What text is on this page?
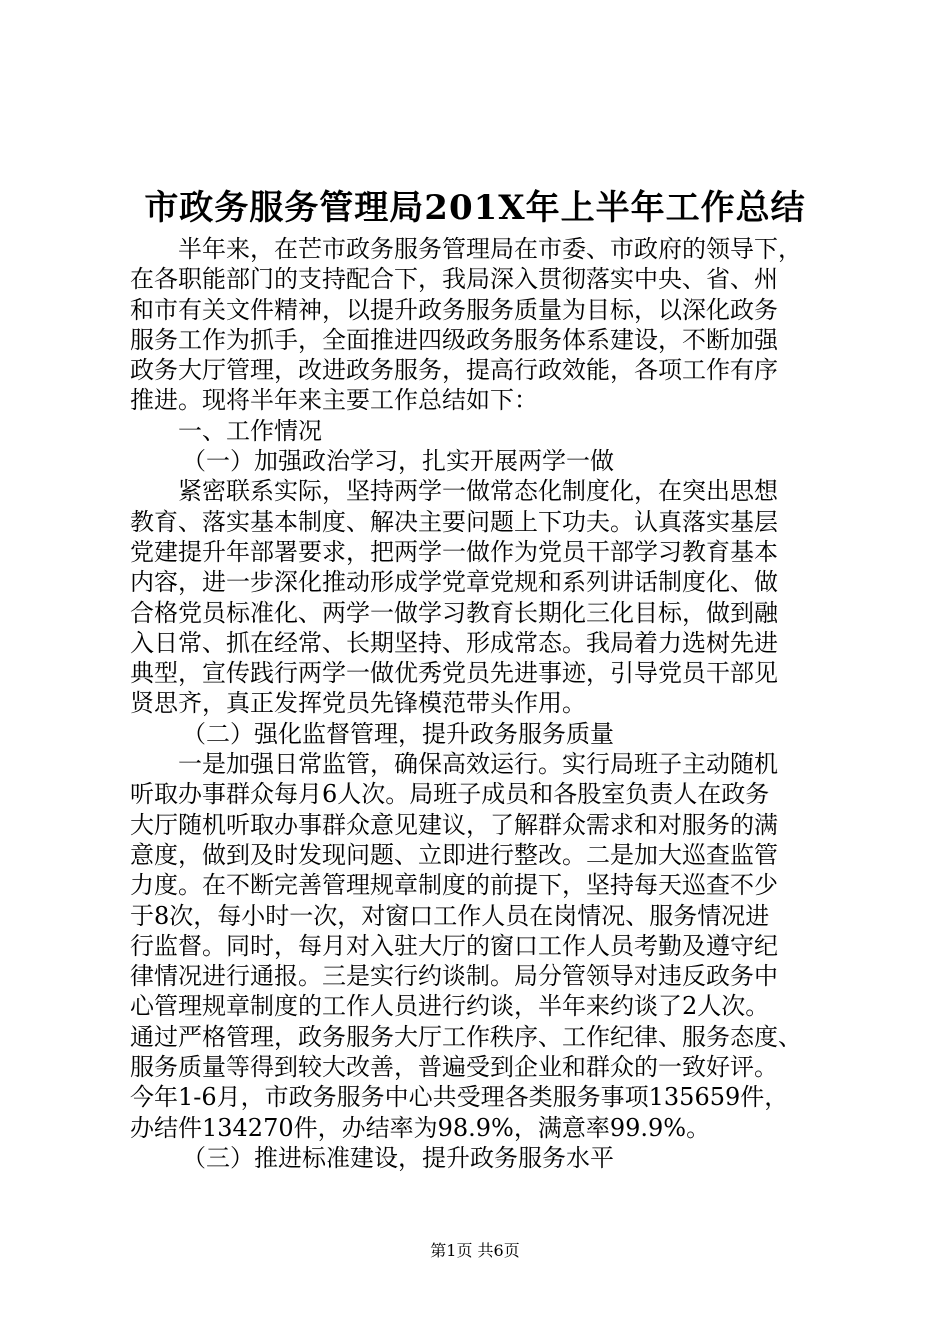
市政务服务管理局201X年上半年工作总结
半年来，在芒市政务服务管理局在市委、市政府的领导下，
在各职能部门的支持配合下，我局深入贯彻落实中央、省、州
和市有关文件精神，以提升政务服务质量为目标，以深化政务
服务工作为抓手，全面推进四级政务服务体系建设，不断加强
政务大厅管理，改进政务服务，提高行政效能，各项工作有序
推进。现将半年来主要工作总结如下：
一、工作情况
（一）加强政治学习，扎实开展两学一做
紧密联系实际，坚持两学一做常态化制度化，在突出思想
教育、落实基本制度、解决主要问题上下功夫。认真落实基层
党建提升年部署要求，把两学一做作为党员干部学习教育基本
内容，进一步深化推动形成学党章党规和系列讲话制度化、做
合格党员标准化、两学一做学习教育长期化三化目标，做到融
入日常、抓在经常、长期坚持、形成常态。我局着力选树先进
典型，宣传践行两学一做优秀党员先进事迹，引导党员干部见
贤思齐，真正发挥党员先锋模范带头作用。
（二）强化监督管理，提升政务服务质量
一是加强日常监管，确保高效运行。实行局班子主动随机
听取办事群众每月6人次。局班子成员和各股室负责人在政务
大厅随机听取办事群众意见建议，了解群众需求和对服务的满
意度，做到及时发现问题、立即进行整改。二是加大巡查监管
力度。在不断完善管理规章制度的前提下，坚持每天巡查不少
于8次，每小时一次，对窗口工作人员在岗情况、服务情况进
行监督。同时，每月对入驻大厅的窗口工作人员考勤及遵守纪
律情况进行通报。三是实行约谈制。局分管领导对违反政务中
心管理规章制度的工作人员进行约谈，半年来约谈了2人次。
通过严格管理，政务服务大厅工作秩序、工作纪律、服务态度、
服务质量等得到较大改善，普遍受到企业和群众的一致好评。
今年1-6月，市政务服务中心共受理各类服务事项135659件，
办结件134270件，办结率为98.9%，满意率99.9%。
（三）推进标准建设，提升政务服务水平
第1页 共6页
